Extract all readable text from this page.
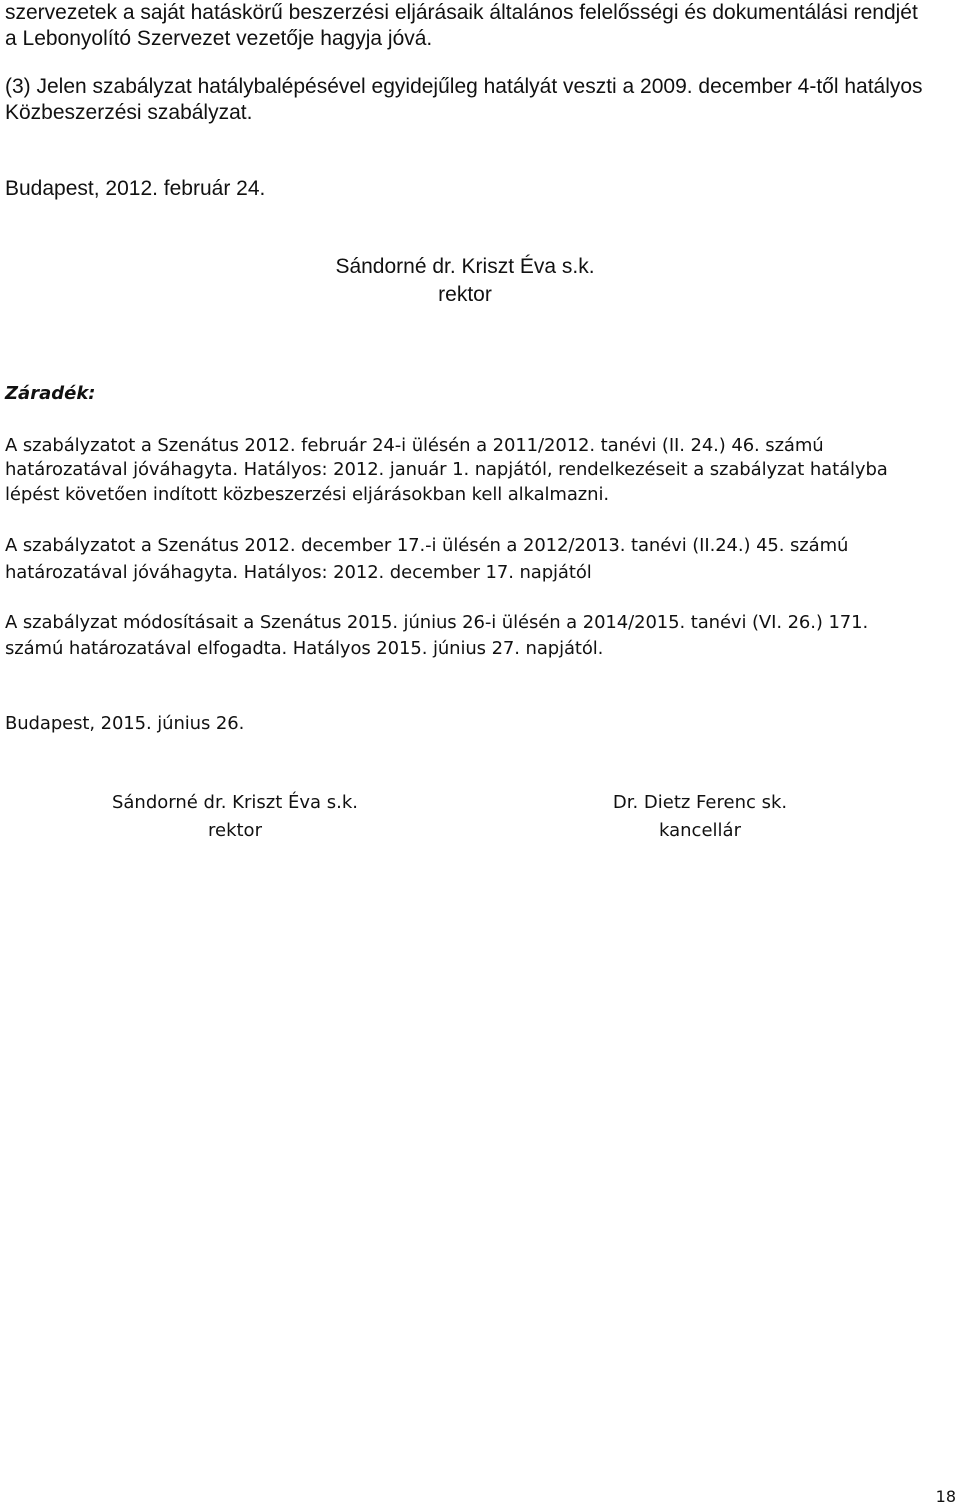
szervezetek a saját hatáskörű beszerzési eljárásaik általános felelősségi és dokumentálási rendjét
a Lebonyolító Szervezet vezetője hagyja jóvá.
(3) Jelen szabályzat hatálybalépésével egyidejűleg hatályát veszti a 2009. december 4-től hatályos
Közbeszerzési szabályzat.
Budapest, 2012. február 24.
Sándorné dr. Kriszt Éva s.k.
rektor
Záradék:
A szabályzatot a Szenátus 2012. február 24-i ülésén a 2011/2012. tanévi (II. 24.) 46. számú
határozatával jóváhagyta. Hatályos: 2012. január 1. napjától, rendelkezéseit a szabályzat hatályba
lépést követően indított közbeszerzési eljárásokban kell alkalmazni.
A szabályzatot a Szenátus 2012. december 17.-i ülésén a 2012/2013. tanévi (II.24.) 45. számú
határozatával jóváhagyta. Hatályos: 2012. december 17. napjától
A szabályzat módosításait a Szenátus 2015. június 26-i ülésén a 2014/2015. tanévi (VI. 26.) 171.
számú határozatával elfogadta. Hatályos 2015. június 27. napjától.
Budapest, 2015. június 26.
Sándorné dr. Kriszt Éva s.k.
rektor
Dr. Dietz Ferenc sk.
kancellár
18
